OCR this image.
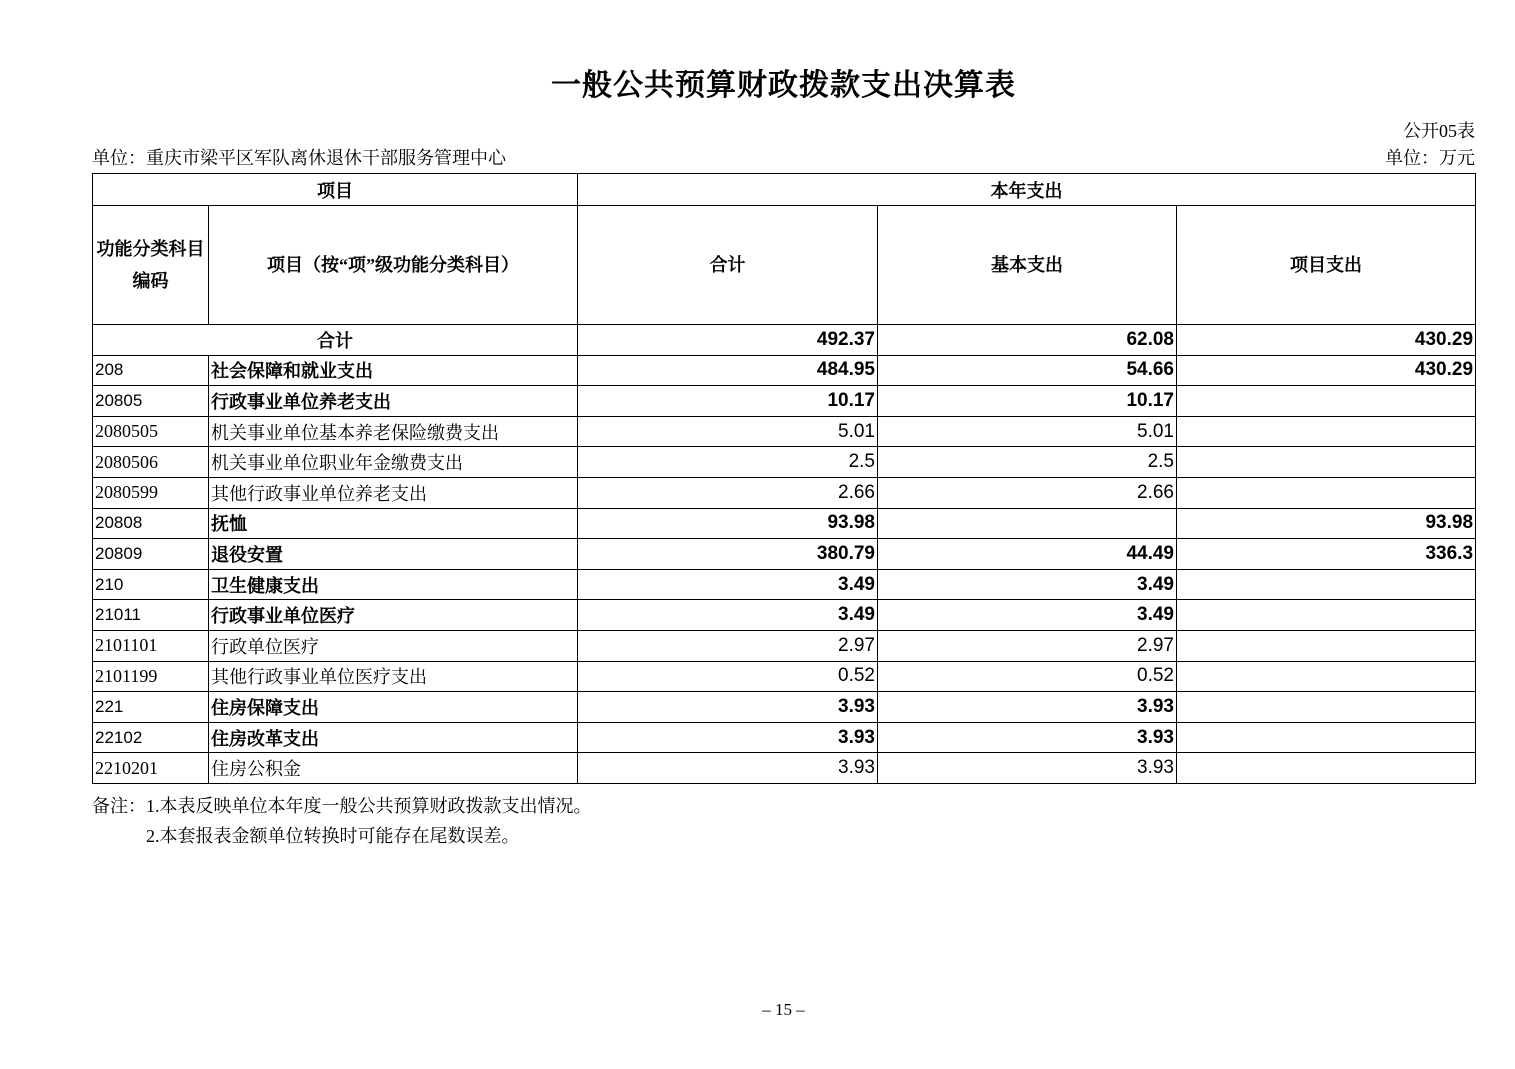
一般公共预算财政拨款支出决算表
公开05表
单位：重庆市梁平区军队离休退休干部服务管理中心	单位：万元
项目		本年支出		
功能分类科目编码	项目（按“项”级功能分类科目）	合计	基本支出	项目支出
合计		492.37	62.08	430.29
208	社会保障和就业支出	484.95	54.66	430.29
20805	行政事业单位养老支出	10.17	10.17	
2080505	机关事业单位基本养老保险缴费支出	5.01	5.01	
2080506	机关事业单位职业年金缴费支出	2.5	2.5	
2080599	其他行政事业单位养老支出	2.66	2.66	
20808	抚恤	93.98		93.98
20809	退役安置	380.79	44.49	336.3
210	卫生健康支出	3.49	3.49	
21011	行政事业单位医疗	3.49	3.49	
2101101	行政单位医疗	2.97	2.97	
2101199	其他行政事业单位医疗支出	0.52	0.52	
221	住房保障支出	3.93	3.93	
22102	住房改革支出	3.93	3.93	
2210201	住房公积金	3.93	3.93	
备注：1.本表反映单位本年度一般公共预算财政拨款支出情况。
2.本套报表金额单位转换时可能存在尾数误差。
– 15 –
